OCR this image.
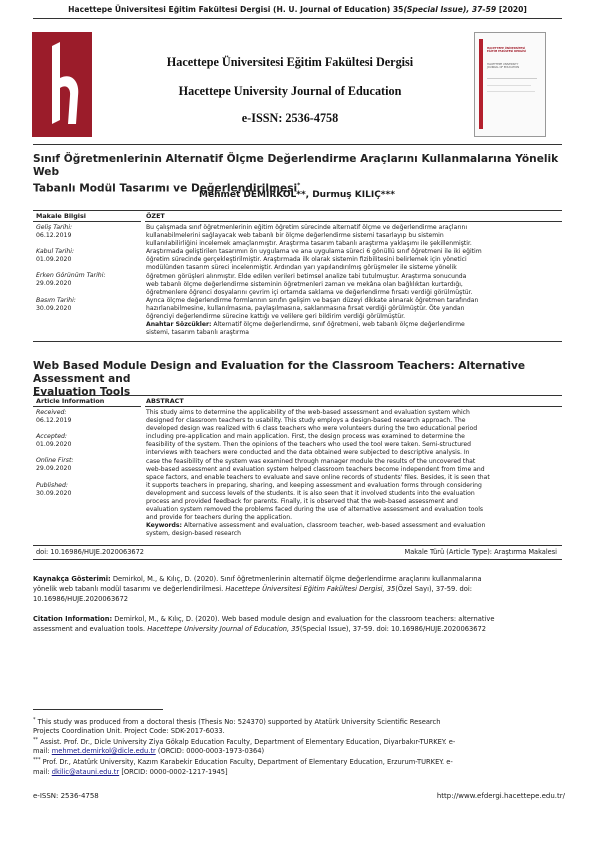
Hacettepe Üniversitesi Eğitim Fakültesi Dergisi (H. U. Journal of Education) 35(Special Issue), 37-59 [2020]
Hacettepe Üniversitesi Eğitim Fakültesi Dergisi
Hacettepe University Journal of Education
e-ISSN: 2536-4758
HACETTEPE ÜNİVERSİTESİ
EĞİTİM FAKÜLTESİ DERGİSİ
HACETTEPE UNIVERSITY
JOURNAL OF EDUCATION
Sınıf Öğretmenlerinin Alternatif Ölçme Değerlendirme Araçlarını Kullanmalarına Yönelik Web
Tabanlı Modül Tasarımı ve Değerlendirilmesi*
Mehmet DEMİRKOL**, Durmuş KILIÇ***
Makale Bilgisi	ÖZET
Geliş Tarihi:
06.12.2019
Kabul Tarihi:
01.09.2020
Erken Görünüm Tarihi:
29.09.2020
Basım Tarihi:
30.09.2020
Bu çalışmada sınıf öğretmenlerinin eğitim öğretim sürecinde alternatif ölçme ve değerlendirme araçlarını
kullanabilmelerini sağlayacak web tabanlı bir ölçme değerlendirme sistemi tasarlayıp bu sistemin
kullanılabilirliğini incelemek amaçlanmıştır. Araştırma tasarım tabanlı araştırma yaklaşımı ile şekillenmiştir.
Araştırmada geliştirilen tasarımın ön uygulama ve ana uygulama süreci 6 gönüllü sınıf öğretmeni ile iki eğitim
öğretim sürecinde gerçekleştirilmiştir. Araştırmada ilk olarak sistemin fizibilitesini belirlemek için yönetici
modülünden tasarım süreci incelenmiştir. Ardından yarı yapılandırılmış görüşmeler ile sisteme yönelik
öğretmen görüşleri alınmıştır. Elde edilen verileri betimsel analize tabi tutulmuştur. Araştırma sonucunda
web tabanlı ölçme değerlendirme sisteminin öğretmenleri zaman ve mekâna olan bağlılıktan kurtardığı,
öğretmenlere öğrenci dosyalarını çevrim içi ortamda saklama ve değerlendirme fırsatı verdiği görülmüştür.
Ayrıca ölçme değerlendirme formlarının sınıfın gelişim ve başarı düzeyi dikkate alınarak öğretmen tarafından
hazırlanabilmesine, kullanılmasına, paylaşılmasına, saklanmasına fırsat verdiği görülmüştür. Öte yandan
öğrenciyi değerlendirme sürecine kattığı ve velilere geri bildirim verdiği görülmüştür.
Anahtar Sözcükler: Alternatif ölçme değerlendirme, sınıf öğretmeni, web tabanlı ölçme değerlendirme
sistemi, tasarım tabanlı araştırma
Web Based Module Design and Evaluation for the Classroom Teachers: Alternative Assessment and
Evaluation Tools
Article Information	ABSTRACT
Received:
06.12.2019
Accepted:
01.09.2020
Online First:
29.09.2020
Published:
30.09.2020
This study aims to determine the applicability of the web-based assessment and evaluation system which
designed for classroom teachers to usability. This study employs a design-based research approach. The
developed design was realized with 6 class teachers who were volunteers during the two educational period
including pre-application and main application. First, the design process was examined to determine the
feasibility of the system. Then the opinions of the teachers who used the tool were taken. Semi-structured
interviews with teachers were conducted and the data obtained were subjected to descriptive analysis. In
case the feasibility of the system was examined through manager module the results of the uncovered that
web-based assessment and evaluation system helped classroom teachers become independent from time and
space factors, and enable teachers to evaluate and save online records of students' files. Besides, it is seen that
it supports teachers in preparing, sharing, and keeping assessment and evaluation forms through considering
development and success levels of the students. It is also seen that it involved students into the evaluation
process and provided feedback for parents. Finally, it is observed that the web-based assessment and
evaluation system removed the problems faced during the use of alternative assessment and evaluation tools
and provide for teachers during the application.
Keywords: Alternative assessment and evaluation, classroom teacher, web-based assessment and evaluation
system, design-based research
doi: 10.16986/HUJE.2020063672	Makale Türü (Article Type): Araştırma Makalesi
Kaynakça Gösterimi: Demirkol, M., & Kılıç, D. (2020). Sınıf öğretmenlerinin alternatif ölçme değerlendirme araçlarını kullanmalarına
yönelik web tabanlı modül tasarımı ve değerlendirilmesi. Hacettepe Üniversitesi Eğitim Fakültesi Dergisi, 35(Özel Sayı), 37-59. doi:
10.16986/HUJE.2020063672
Citation Information: Demirkol, M., & Kılıç, D. (2020). Web based module design and evaluation for the classroom teachers: alternative
assessment and evaluation tools. Hacettepe University Journal of Education, 35(Special Issue), 37-59. doi: 10.16986/HUJE.2020063672
* This study was produced from a doctoral thesis (Thesis No: 524370) supported by Atatürk University Scientific Research
Projects Coordination Unit. Project Code: SDK-2017-6033.
** Assist. Prof. Dr., Dicle University Ziya Gökalp Education Faculty, Department of Elementary Education, Diyarbakır-TURKEY. e-
mail: mehmet.demirkol@dicle.edu.tr (ORCID: 0000-0003-1973-0364)
*** Prof. Dr., Atatürk University, Kazım Karabekir Education Faculty, Department of Elementary Education, Erzurum-TURKEY. e-
mail: dkilic@atauni.edu.tr [ORCID: 0000-0002-1217-1945]
e-ISSN: 2536-4758	http://www.efdergi.hacettepe.edu.tr/
